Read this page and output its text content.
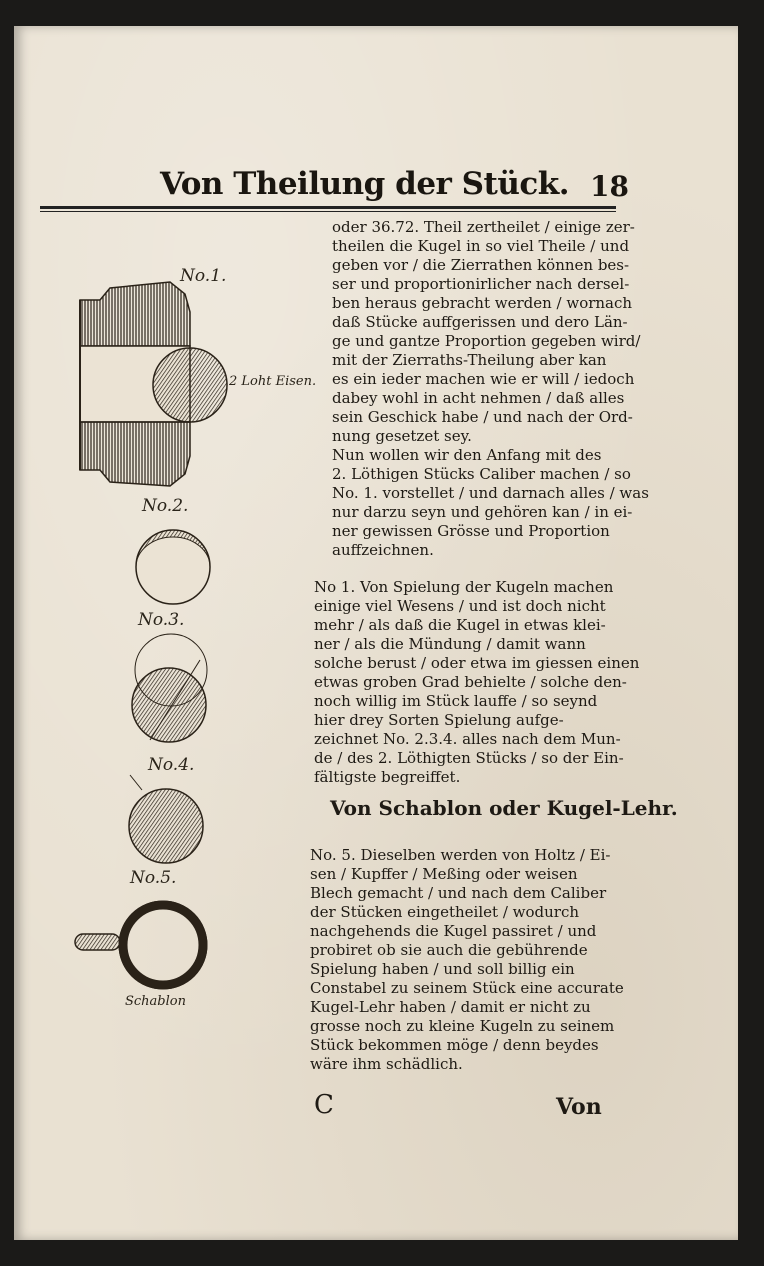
Von Theilung der Stück. 18
No.1.
2 Loht Eisen.
No.2.
No.3.
No.4.
No.5.
Schablon
oder 36.72. Theil zertheilet / einige zer-
theilen die Kugel in so viel Theile / und
geben vor / die Zierrathen können bes-
ser und proportionirlicher nach dersel-
ben heraus gebracht werden / wornach
daß Stücke auffgerissen und dero Län-
ge und gantze Proportion gegeben wird/
mit der Zierraths-Theilung aber kan
es ein ieder machen wie er will / iedoch
dabey wohl in acht nehmen / daß alles
sein Geschick habe / und nach der Ord-
nung gesetzet sey.
Nun wollen wir den Anfang mit des
2. Löthigen Stücks Caliber machen / so
No. 1. vorstellet / und darnach alles / was
nur darzu seyn und gehören kan / in ei-
ner gewissen Grösse und Proportion
auffzeichnen.
No 1. Von Spielung der Kugeln machen
einige viel Wesens / und ist doch nicht
mehr / als daß die Kugel in etwas klei-
ner / als die Mündung / damit wann
solche berust / oder etwa im giessen einen
etwas groben Grad behielte / solche den-
noch willig im Stück lauffe / so seynd
hier drey Sorten Spielung aufge-
zeichnet No. 2.3.4. alles nach dem Mun-
de / des 2. Löthigten Stücks / so der Ein-
fältigste begreiffet.
Von Schablon oder Kugel-Lehr.
No. 5. Dieselben werden von Holtz / Ei-
sen / Kupffer / Meßing oder weisen
Blech gemacht / und nach dem Caliber
der Stücken eingetheilet / wodurch
nachgehends die Kugel passiret / und
probiret ob sie auch die gebührende
Spielung haben / und soll billig ein
Constabel zu seinem Stück eine accurate
Kugel-Lehr haben / damit er nicht zu
grosse noch zu kleine Kugeln zu seinem
Stück bekommen möge / denn beydes
wäre ihm schädlich.
C	Von
